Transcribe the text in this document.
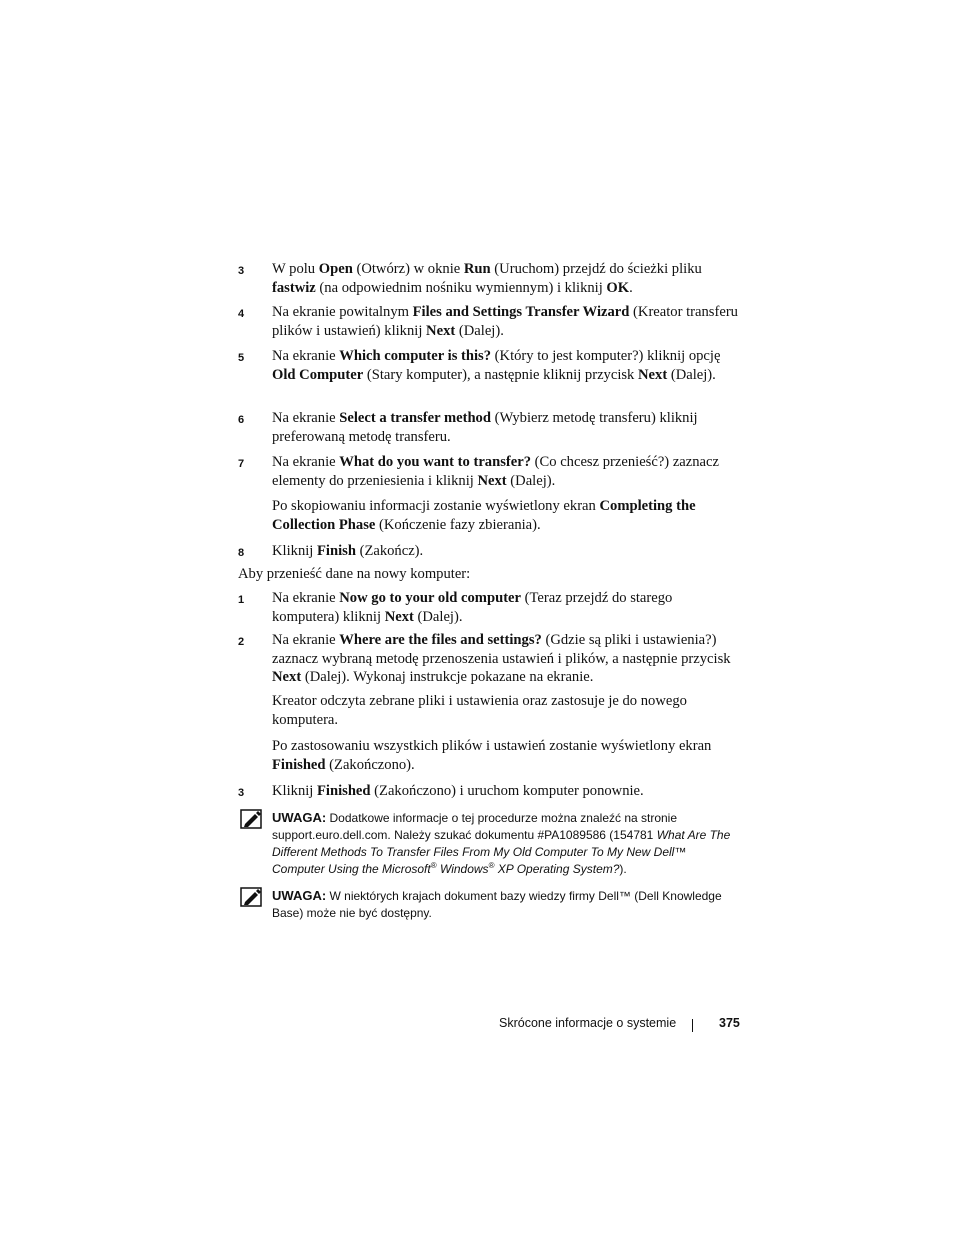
3	W polu Open (Otwórz) w oknie Run (Uruchom) przejdź do ścieżki pliku fastwiz (na odpowiednim nośniku wymiennym) i kliknij OK.
4	Na ekranie powitalnym Files and Settings Transfer Wizard (Kreator transferu plików i ustawień) kliknij Next (Dalej).
5	Na ekranie Which computer is this? (Który to jest komputer?) kliknij opcję Old Computer (Stary komputer), a następnie kliknij przycisk Next (Dalej).
6	Na ekranie Select a transfer method (Wybierz metodę transferu) kliknij preferowaną metodę transferu.
7	Na ekranie What do you want to transfer? (Co chcesz przenieść?) zaznacz elementy do przeniesienia i kliknij Next (Dalej).
Po skopiowaniu informacji zostanie wyświetlony ekran Completing the Collection Phase (Kończenie fazy zbierania).
8	Kliknij Finish (Zakończ).
Aby przenieść dane na nowy komputer:
1	Na ekranie Now go to your old computer (Teraz przejdź do starego komputera) kliknij Next (Dalej).
2	Na ekranie Where are the files and settings? (Gdzie są pliki i ustawienia?) zaznacz wybraną metodę przenoszenia ustawień i plików, a następnie przycisk Next (Dalej). Wykonaj instrukcje pokazane na ekranie.
Kreator odczyta zebrane pliki i ustawienia oraz zastosuje je do nowego komputera.
Po zastosowaniu wszystkich plików i ustawień zostanie wyświetlony ekran Finished (Zakończono).
3	Kliknij Finished (Zakończono) i uruchom komputer ponownie.
UWAGA: Dodatkowe informacje o tej procedurze można znaleźć na stronie support.euro.dell.com. Należy szukać dokumentu #PA1089586 (154781 What Are The Different Methods To Transfer Files From My Old Computer To My New Dell™ Computer Using the Microsoft® Windows® XP Operating System?).
UWAGA: W niektórych krajach dokument bazy wiedzy firmy Dell™ (Dell Knowledge Base) może nie być dostępny.
Skrócone informacje o systemie	375
